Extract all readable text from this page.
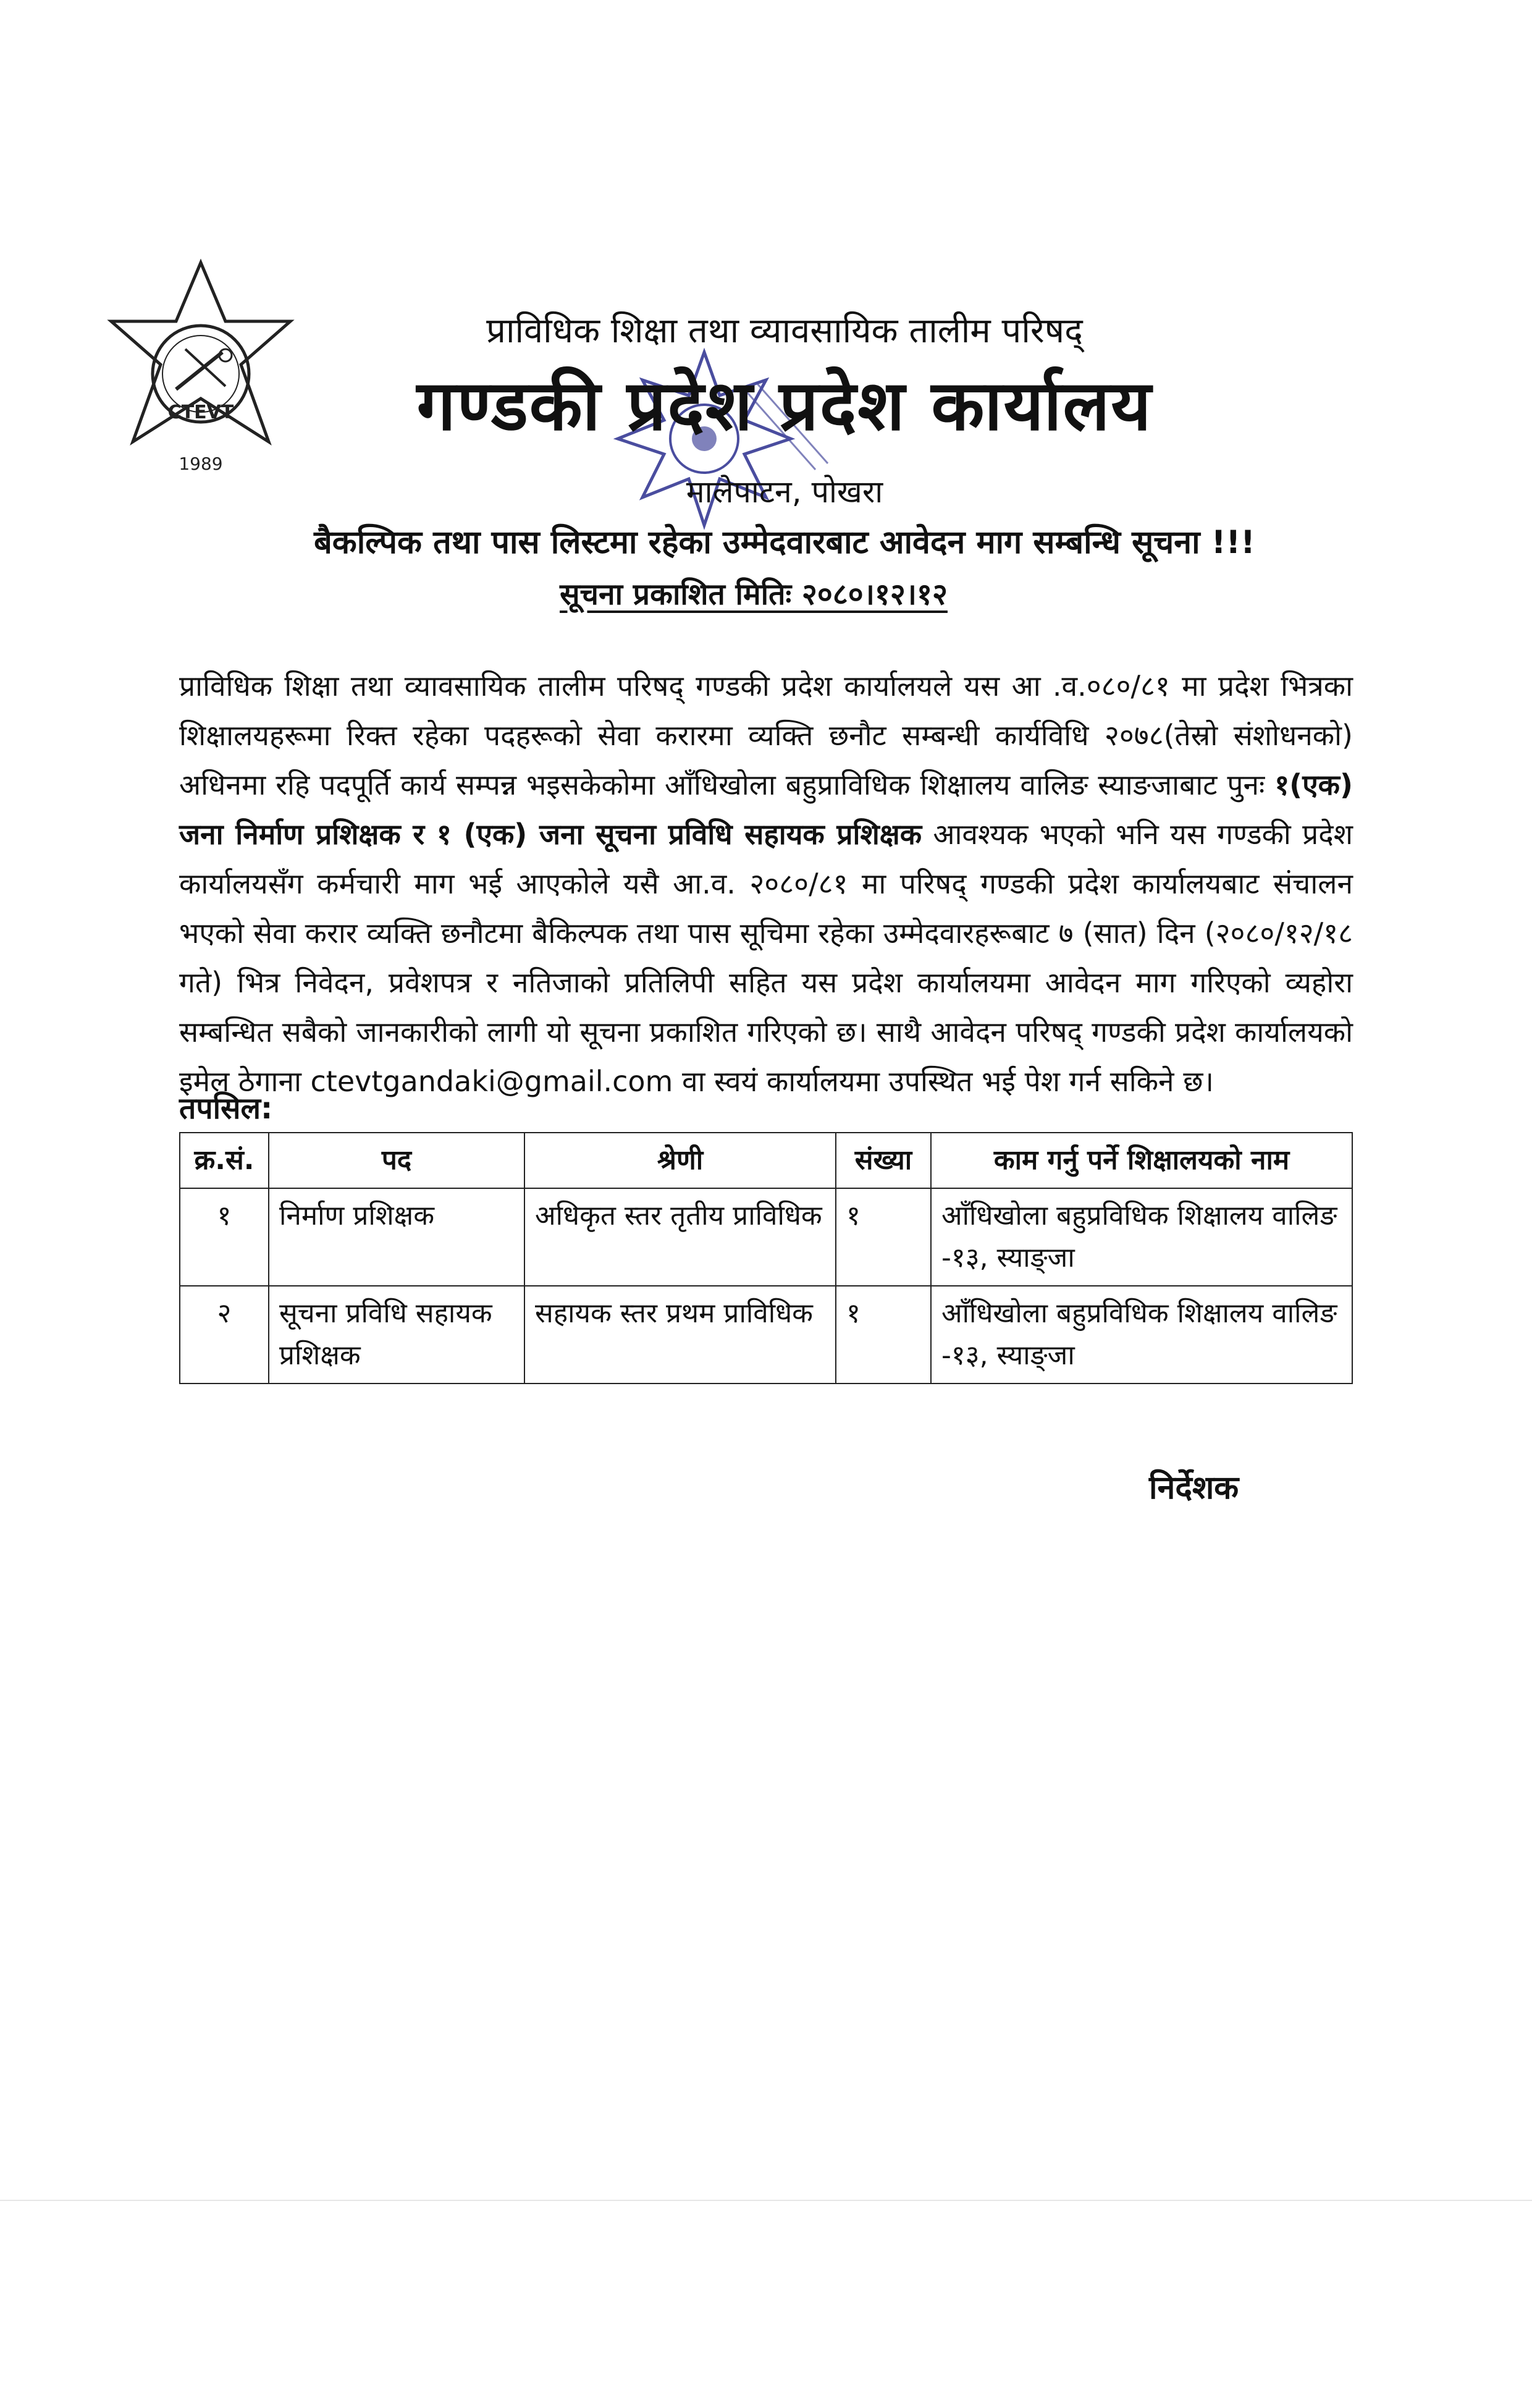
CTEVT
1989
प्राविधिक शिक्षा तथा व्यावसायिक तालीम परिषद्
गण्डकी प्रदेश प्रदेश कार्यालय
मालेपाटन, पोखरा
बैकल्पिक तथा पास लिस्टमा रहेका उम्मेदवारबाट आवेदन माग सम्बन्धि सूचना !!!
सूचना प्रकाशित मितिः २०८०।१२।१२
प्राविधिक शिक्षा तथा व्यावसायिक तालीम परिषद् गण्डकी प्रदेश कार्यालयले यस आ .व.०८०/८१ मा प्रदेश भित्रका शिक्षालयहरूमा रिक्त रहेका पदहरूको सेवा करारमा व्यक्ति छनौट सम्बन्धी कार्यविधि २०७८(तेस्रो संशोधनको) अधिनमा रहि पदपूर्ति कार्य सम्पन्न भइसकेकोमा आँधिखोला बहुप्राविधिक शिक्षालय वालिङ स्याङजाबाट पुनः १(एक) जना निर्माण प्रशिक्षक र १ (एक) जना सूचना प्रविधि सहायक प्रशिक्षक आवश्यक भएको भनि यस गण्डकी प्रदेश कार्यालयसँग कर्मचारी माग भई आएकोले यसै आ.व. २०८०/८१ मा परिषद् गण्डकी प्रदेश कार्यालयबाट संचालन भएको सेवा करार व्यक्ति छनौटमा बैकिल्पक तथा पास सूचिमा रहेका उम्मेदवारहरूबाट ७ (सात) दिन (२०८०/१२/१८ गते) भित्र निवेदन, प्रवेशपत्र र नतिजाको प्रतिलिपी सहित यस प्रदेश कार्यालयमा आवेदन माग गरिएको व्यहोरा सम्बन्धित सबैको जानकारीको लागी यो सूचना प्रकाशित गरिएको छ। साथै आवेदन परिषद् गण्डकी प्रदेश कार्यालयको इमेल ठेगाना ctevtgandaki@gmail.com वा स्वयं कार्यालयमा उपस्थित भई पेश गर्न सकिने छ।
तपसिल:
क्र.सं.	पद	श्रेणी	संख्या	काम गर्नु पर्ने शिक्षालयको नाम
१	निर्माण प्रशिक्षक	अधिकृत स्तर तृतीय प्राविधिक	१	आँधिखोला बहुप्रविधिक शिक्षालय वालिङ -१३, स्याङ्जा
२	सूचना प्रविधि सहायक प्रशिक्षक	सहायक स्तर प्रथम प्राविधिक	१	आँधिखोला बहुप्रविधिक शिक्षालय वालिङ -१३, स्याङ्जा
निर्देशक
